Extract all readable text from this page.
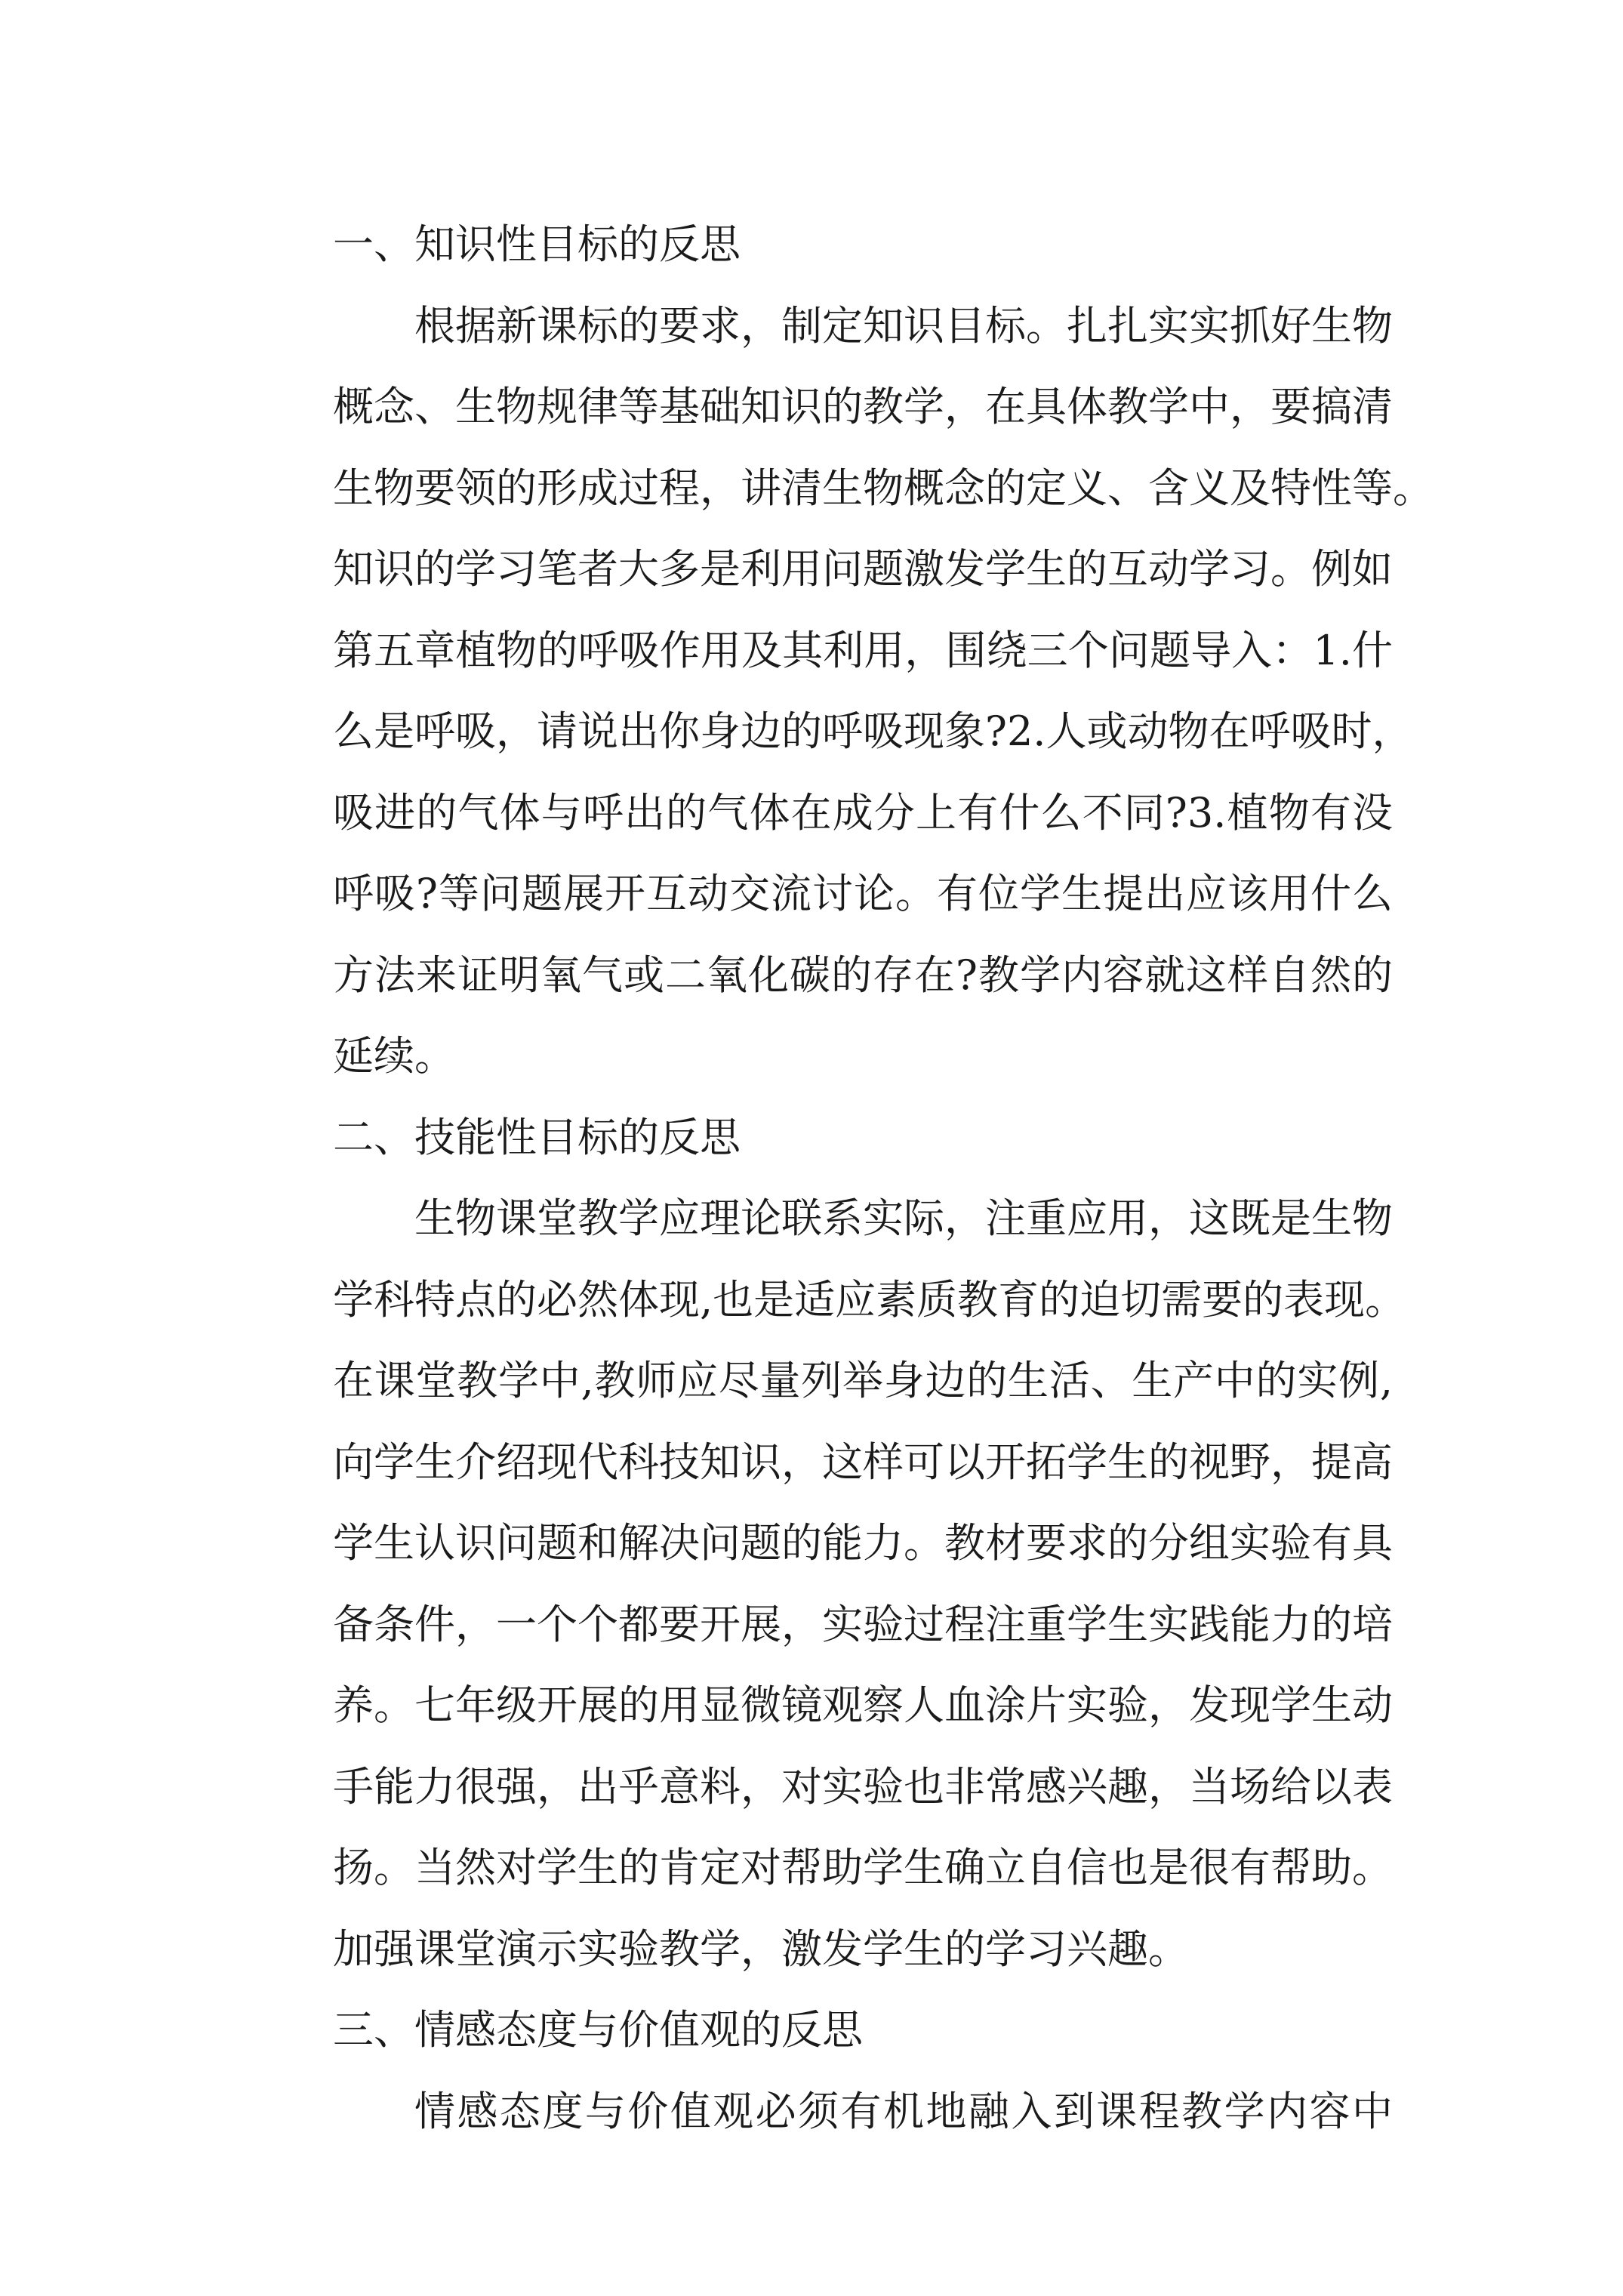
一、知识性目标的反思
根据新课标的要求，制定知识目标。扎扎实实抓好生物
概念、生物规律等基础知识的教学，在具体教学中，要搞清
生物要领的形成过程，讲清生物概念的定义、含义及特性等。
知识的学习笔者大多是利用问题激发学生的互动学习。例如
第五章植物的呼吸作用及其利用，围绕三个问题导入：1.什
么是呼吸，请说出你身边的呼吸现象?2.人或动物在呼吸时，
吸进的气体与呼出的气体在成分上有什么不同?3.植物有没
呼吸?等问题展开互动交流讨论。有位学生提出应该用什么
方法来证明氧气或二氧化碳的存在?教学内容就这样自然的
延续。
二、技能性目标的反思
生物课堂教学应理论联系实际，注重应用，这既是生物
学科特点的必然体现,也是适应素质教育的迫切需要的表现。
在课堂教学中,教师应尽量列举身边的生活、生产中的实例,
向学生介绍现代科技知识，这样可以开拓学生的视野，提高
学生认识问题和解决问题的能力。教材要求的分组实验有具
备条件，一个个都要开展，实验过程注重学生实践能力的培
养。七年级开展的用显微镜观察人血涂片实验，发现学生动
手能力很强，出乎意料，对实验也非常感兴趣，当场给以表
扬。当然对学生的肯定对帮助学生确立自信也是很有帮助。
加强课堂演示实验教学，激发学生的学习兴趣。
三、情感态度与价值观的反思
情感态度与价值观必须有机地融入到课程教学内容中
